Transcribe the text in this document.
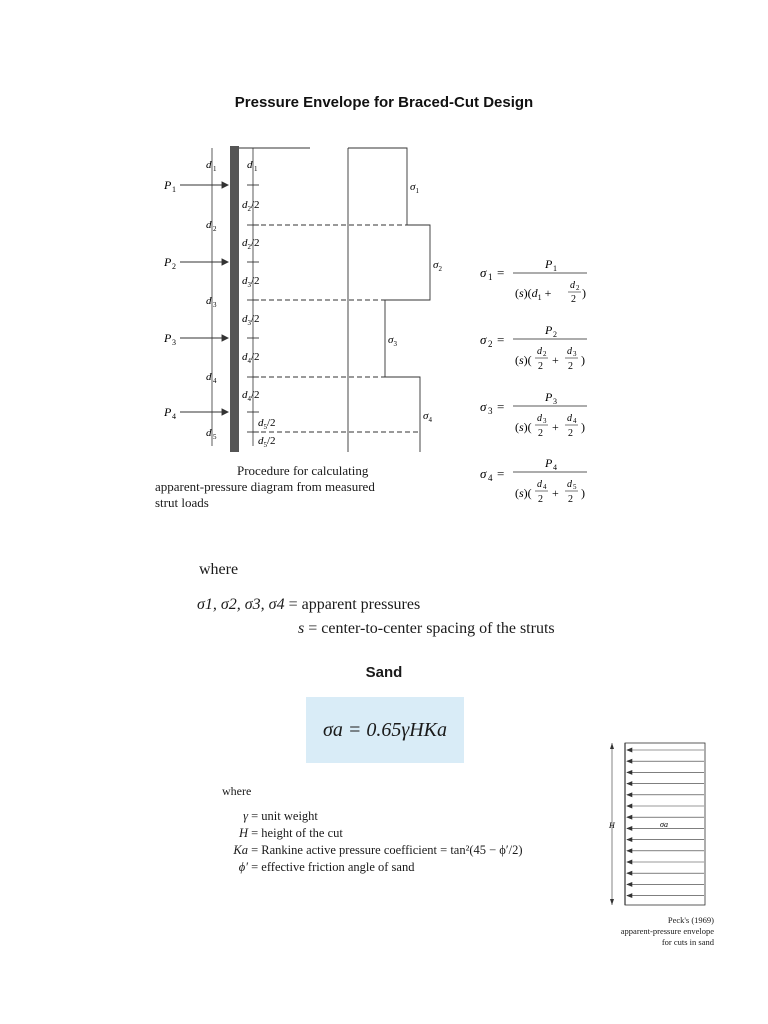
Pressure Envelope for Braced-Cut Design
P 1
P 2
P 3
P 4
d 1
d 2
d 3
d 4
d 5
d 1
$d_2/2$
$d_2/2$
$d_3/2$
$d_3/2$
$d_4/2$
$d_4/2$
$d_5/2$
$d_5/2$
$\sigma_1$
$\sigma_2$
$\sigma_3$
$\sigma_4$
Procedure for calculating
apparent-pressure diagram from measured
strut loads
σ 1 =
P 1
$(s)(d_1$ +
d 2
2 )
σ 2 =
P 2
(s)(
d 2
2 +
d 3
2 )
σ 3 =
P 3
(s)(
d 3
2 +
d 4
2 )
σ 4 =
P 4
(s)(
d 4
2 +
d 5
2 )
where
σ1, σ2, σ3, σ4 = apparent pressures
s = center-to-center spacing of the struts
Sand
σa = 0.65γHKa
where
γ = unit weight
H = height of the cut
Ka = Rankine active pressure coefficient = tan²(45 − ϕ′/2)
ϕ′ = effective friction angle of sand
H	σa
Peck's (1969)
apparent-pressure envelope
for cuts in sand
